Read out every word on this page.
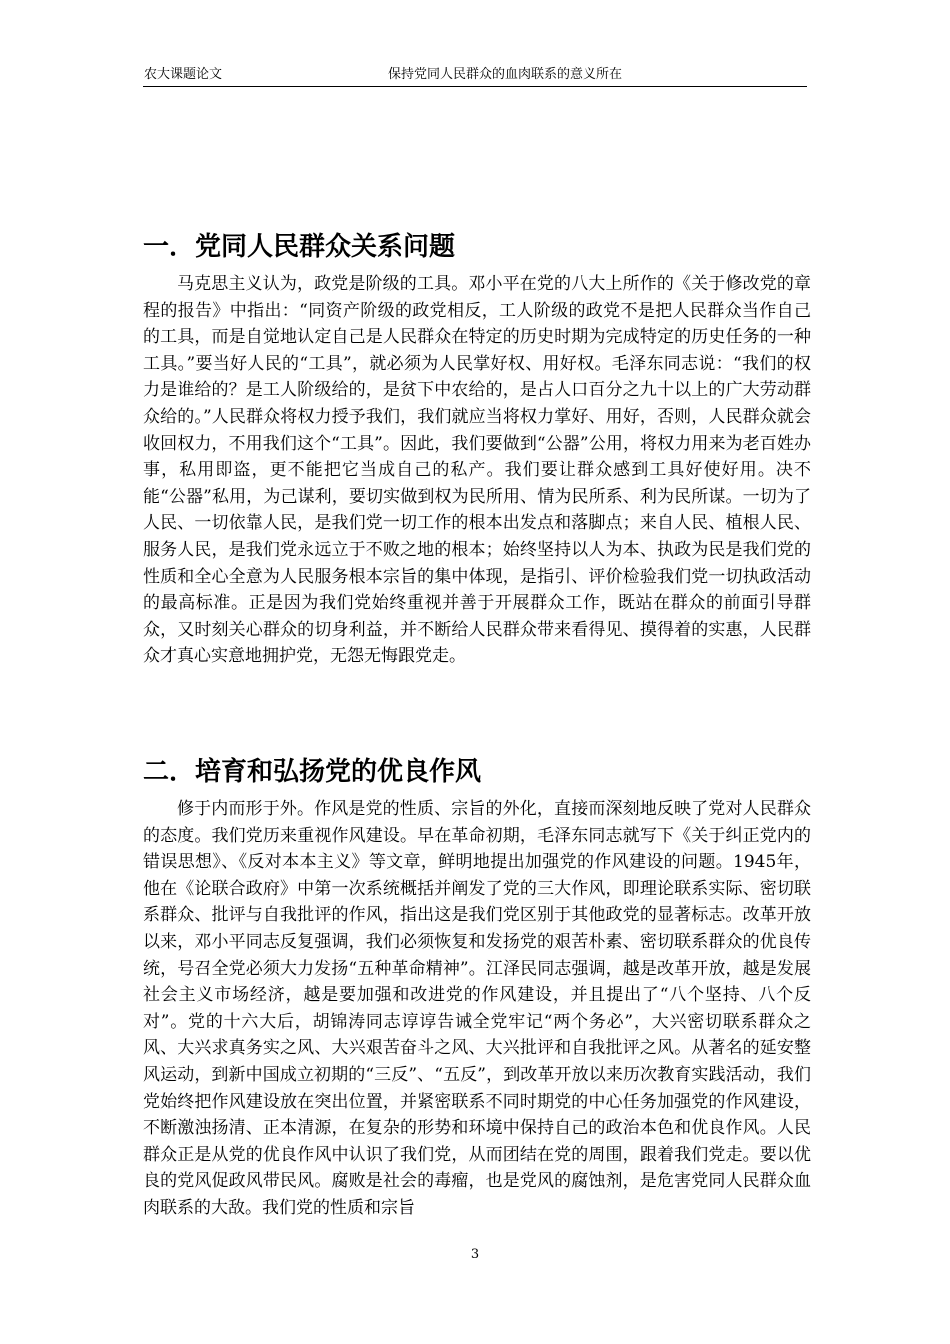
农大课题论文	保持党同人民群众的血肉联系的意义所在
一．党同人民群众关系问题

马克思主义认为，政党是阶级的工具。邓小平在党的八大上所作的《关于修改党的章程的报告》中指出：“同资产阶级的政党相反，工人阶级的政党不是把人民群众当作自己的工具，而是自觉地认定自己是人民群众在特定的历史时期为完成特定的历史任务的一种工具。”要当好人民的“工具”，就必须为人民掌好权、用好权。毛泽东同志说：“我们的权力是谁给的？是工人阶级给的，是贫下中农给的，是占人口百分之九十以上的广大劳动群众给的。”人民群众将权力授予我们，我们就应当将权力掌好、用好，否则，人民群众就会收回权力，不用我们这个“工具”。因此，我们要做到“公器”公用，将权力用来为老百姓办事，私用即盗，更不能把它当成自己的私产。我们要让群众感到工具好使好用。决不能“公器”私用，为己谋利，要切实做到权为民所用、情为民所系、利为民所谋。一切为了人民、一切依靠人民，是我们党一切工作的根本出发点和落脚点；来自人民、植根人民、服务人民，是我们党永远立于不败之地的根本；始终坚持以人为本、执政为民是我们党的性质和全心全意为人民服务根本宗旨的集中体现，是指引、评价检验我们党一切执政活动的最高标准。正是因为我们党始终重视并善于开展群众工作，既站在群众的前面引导群众，又时刻关心群众的切身利益，并不断给人民群众带来看得见、摸得着的实惠，人民群众才真心实意地拥护党，无怨无悔跟党走。

二．培育和弘扬党的优良作风

修于内而形于外。作风是党的性质、宗旨的外化，直接而深刻地反映了党对人民群众的态度。我们党历来重视作风建设。早在革命初期，毛泽东同志就写下《关于纠正党内的错误思想》、《反对本本主义》等文章，鲜明地提出加强党的作风建设的问题。1945年，他在《论联合政府》中第一次系统概括并阐发了党的三大作风，即理论联系实际、密切联系群众、批评与自我批评的作风，指出这是我们党区别于其他政党的显著标志。改革开放以来，邓小平同志反复强调，我们必须恢复和发扬党的艰苦朴素、密切联系群众的优良传统，号召全党必须大力发扬“五种革命精神”。江泽民同志强调，越是改革开放，越是发展社会主义市场经济，越是要加强和改进党的作风建设，并且提出了“八个坚持、八个反对”。党的十六大后，胡锦涛同志谆谆告诫全党牢记“两个务必”，大兴密切联系群众之风、大兴求真务实之风、大兴艰苦奋斗之风、大兴批评和自我批评之风。从著名的延安整风运动，到新中国成立初期的“三反”、“五反”，到改革开放以来历次教育实践活动，我们党始终把作风建设放在突出位置，并紧密联系不同时期党的中心任务加强党的作风建设，不断激浊扬清、正本清源，在复杂的形势和环境中保持自己的政治本色和优良作风。人民群众正是从党的优良作风中认识了我们党，从而团结在党的周围，跟着我们党走。要以优良的党风促政风带民风。腐败是社会的毒瘤，也是党风的腐蚀剂，是危害党同人民群众血肉联系的大敌。我们党的性质和宗旨

3
